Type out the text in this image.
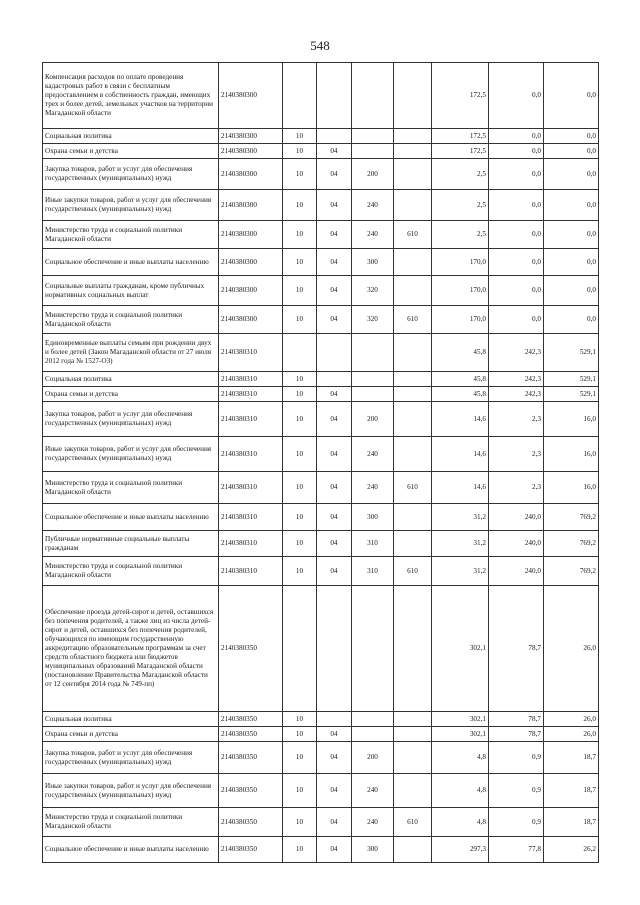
548
Компенсация расходов по оплате проведения кадастровых работ в связи с бесплатным предоставлением в собственность граждан, имеющих трех и более детей, земельных участков на территории Магаданской области	2140380300					172,5	0,0	0,0
Социальная политика	2140380300	10				172,5	0,0	0,0
Охрана семьи и детства	2140380300	10	04			172,5	0,0	0,0
Закупка товаров, работ и услуг для обеспечения государственных (муниципальных) нужд	2140380300	10	04	200		2,5	0,0	0,0
Иные закупки товаров, работ и услуг для обеспечения государственных (муниципальных) нужд	2140380300	10	04	240		2,5	0,0	0,0
Министерство труда и социальной политики Магаданской области	2140380300	10	04	240	610	2,5	0,0	0,0
Социальное обеспечение и иные выплаты населению	2140380300	10	04	300		170,0	0,0	0,0
Социальные выплаты гражданам, кроме публичных нормативных социальных выплат	2140380300	10	04	320		170,0	0,0	0,0
Министерство труда и социальной политики Магаданской области	2140380300	10	04	320	610	170,0	0,0	0,0
Единовременные выплаты семьям при рождении двух и более детей (Закон Магаданской области от 27 июля 2012 года № 1527-ОЗ)	2140380310					45,8	242,3	529,1
Социальная политика	2140380310	10				45,8	242,3	529,1
Охрана семьи и детства	2140380310	10	04			45,8	242,3	529,1
Закупка товаров, работ и услуг для обеспечения государственных (муниципальных) нужд	2140380310	10	04	200		14,6	2,3	16,0
Иные закупки товаров, работ и услуг для обеспечения государственных (муниципальных) нужд	2140380310	10	04	240		14,6	2,3	16,0
Министерство труда и социальной политики Магаданской области	2140380310	10	04	240	610	14,6	2,3	16,0
Социальное обеспечение и иные выплаты населению	2140380310	10	04	300		31,2	240,0	769,2
Публичные нормативные социальные выплаты гражданам	2140380310	10	04	310		31,2	240,0	769,2
Министерство труда и социальной политики Магаданской области	2140380310	10	04	310	610	31,2	240,0	769,2
Обеспечение проезда детей-сирот и детей, оставшихся без попечения родителей, а также лиц из числа детей-сирот и детей, оставшихся без попечения родителей, обучающихся по имеющим государственную аккредитацию образовательным программам за счет средств областного бюджета или бюджетов муниципальных образований Магаданской области (постановление Правительства Магаданской области от 12 сентября 2014 года № 749-пп)	2140380350					302,1	78,7	26,0
Социальная политика	2140380350	10				302,1	78,7	26,0
Охрана семьи и детства	2140380350	10	04			302,1	78,7	26,0
Закупка товаров, работ и услуг для обеспечения государственных (муниципальных) нужд	2140380350	10	04	200		4,8	0,9	18,7
Иные закупки товаров, работ и услуг для обеспечения государственных (муниципальных) нужд	2140380350	10	04	240		4,8	0,9	18,7
Министерство труда и социальной политики Магаданской области	2140380350	10	04	240	610	4,8	0,9	18,7
Социальное обеспечение и иные выплаты населению	2140380350	10	04	300		297,3	77,8	26,2
